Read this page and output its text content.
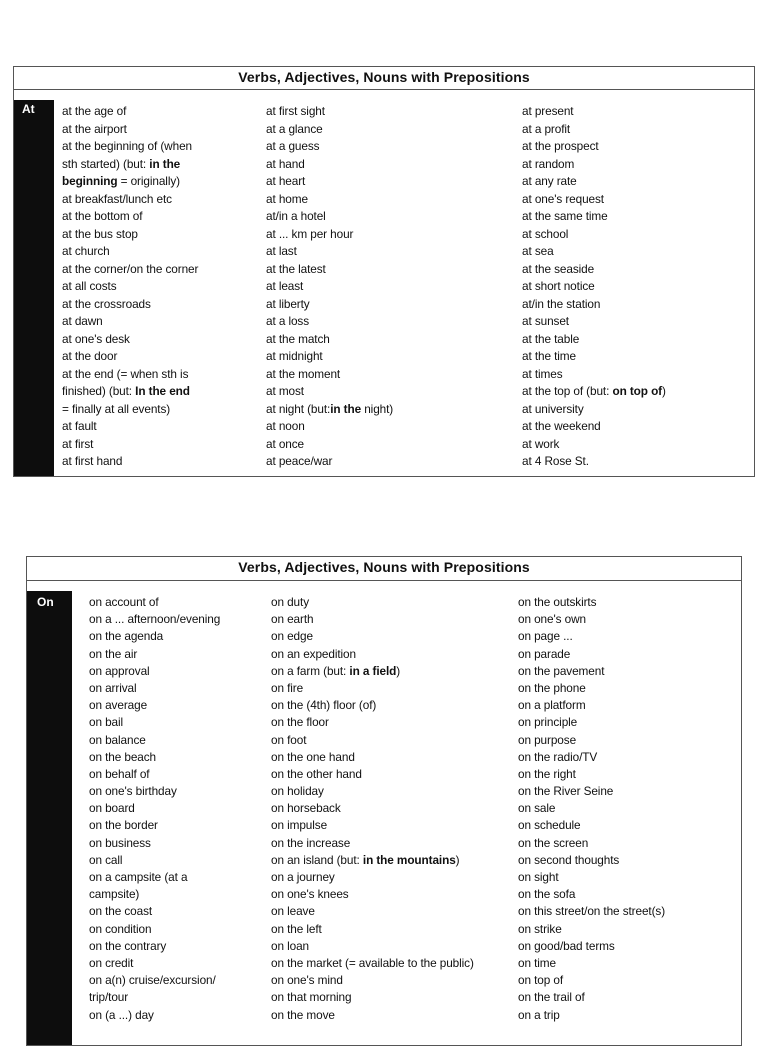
Verbs, Adjectives, Nouns with Prepositions
At	at the age of
at the airport
at the beginning of (when
sth started) (but: in the
beginning = originally)
at breakfast/lunch etc
at the bottom of
at the bus stop
at church
at the corner/on the corner
at all costs
at the crossroads
at dawn
at one's desk
at the door
at the end (= when sth is
finished) (but: In the end
= finally at all events)
at fault
at first
at first hand
at first sight
at a glance
at a guess
at hand
at heart
at home
at/in a hotel
at ... km per hour
at last
at the latest
at least
at liberty
at a loss
at the match
at midnight
at the moment
at most
at night (but:in the night)
at noon
at once
at peace/war
at present
at a profit
at the prospect
at random
at any rate
at one's request
at the same time
at school
at sea
at the seaside
at short notice
at/in the station
at sunset
at the table
at the time
at times
at the top of (but: on top of)
at university
at the weekend
at work
at 4 Rose St.
Verbs, Adjectives, Nouns with Prepositions
On	on account of
on a ... afternoon/evening
on the agenda
on the air
on approval
on arrival
on average
on bail
on balance
on the beach
on behalf of
on one's birthday
on board
on the border
on business
on call
on a campsite (at a
campsite)
on the coast
on condition
on the contrary
on credit
on a(n) cruise/excursion/
trip/tour
on (a ...) day
on duty
on earth
on edge
on an expedition
on a farm (but: in a field)
on fire
on the (4th) floor (of)
on the floor
on foot
on the one hand
on the other hand
on holiday
on horseback
on impulse
on the increase
on an island (but: in the mountains)
on a journey
on one's knees
on leave
on the left
on loan
on the market (= available to the public)
on one's mind
on that morning
on the move
on the outskirts
on one's own
on page ...
on parade
on the pavement
on the phone
on a platform
on principle
on purpose
on the radio/TV
on the right
on the River Seine
on sale
on schedule
on the screen
on second thoughts
on sight
on the sofa
on this street/on the street(s)
on strike
on good/bad terms
on time
on top of
on the trail of
on a trip
